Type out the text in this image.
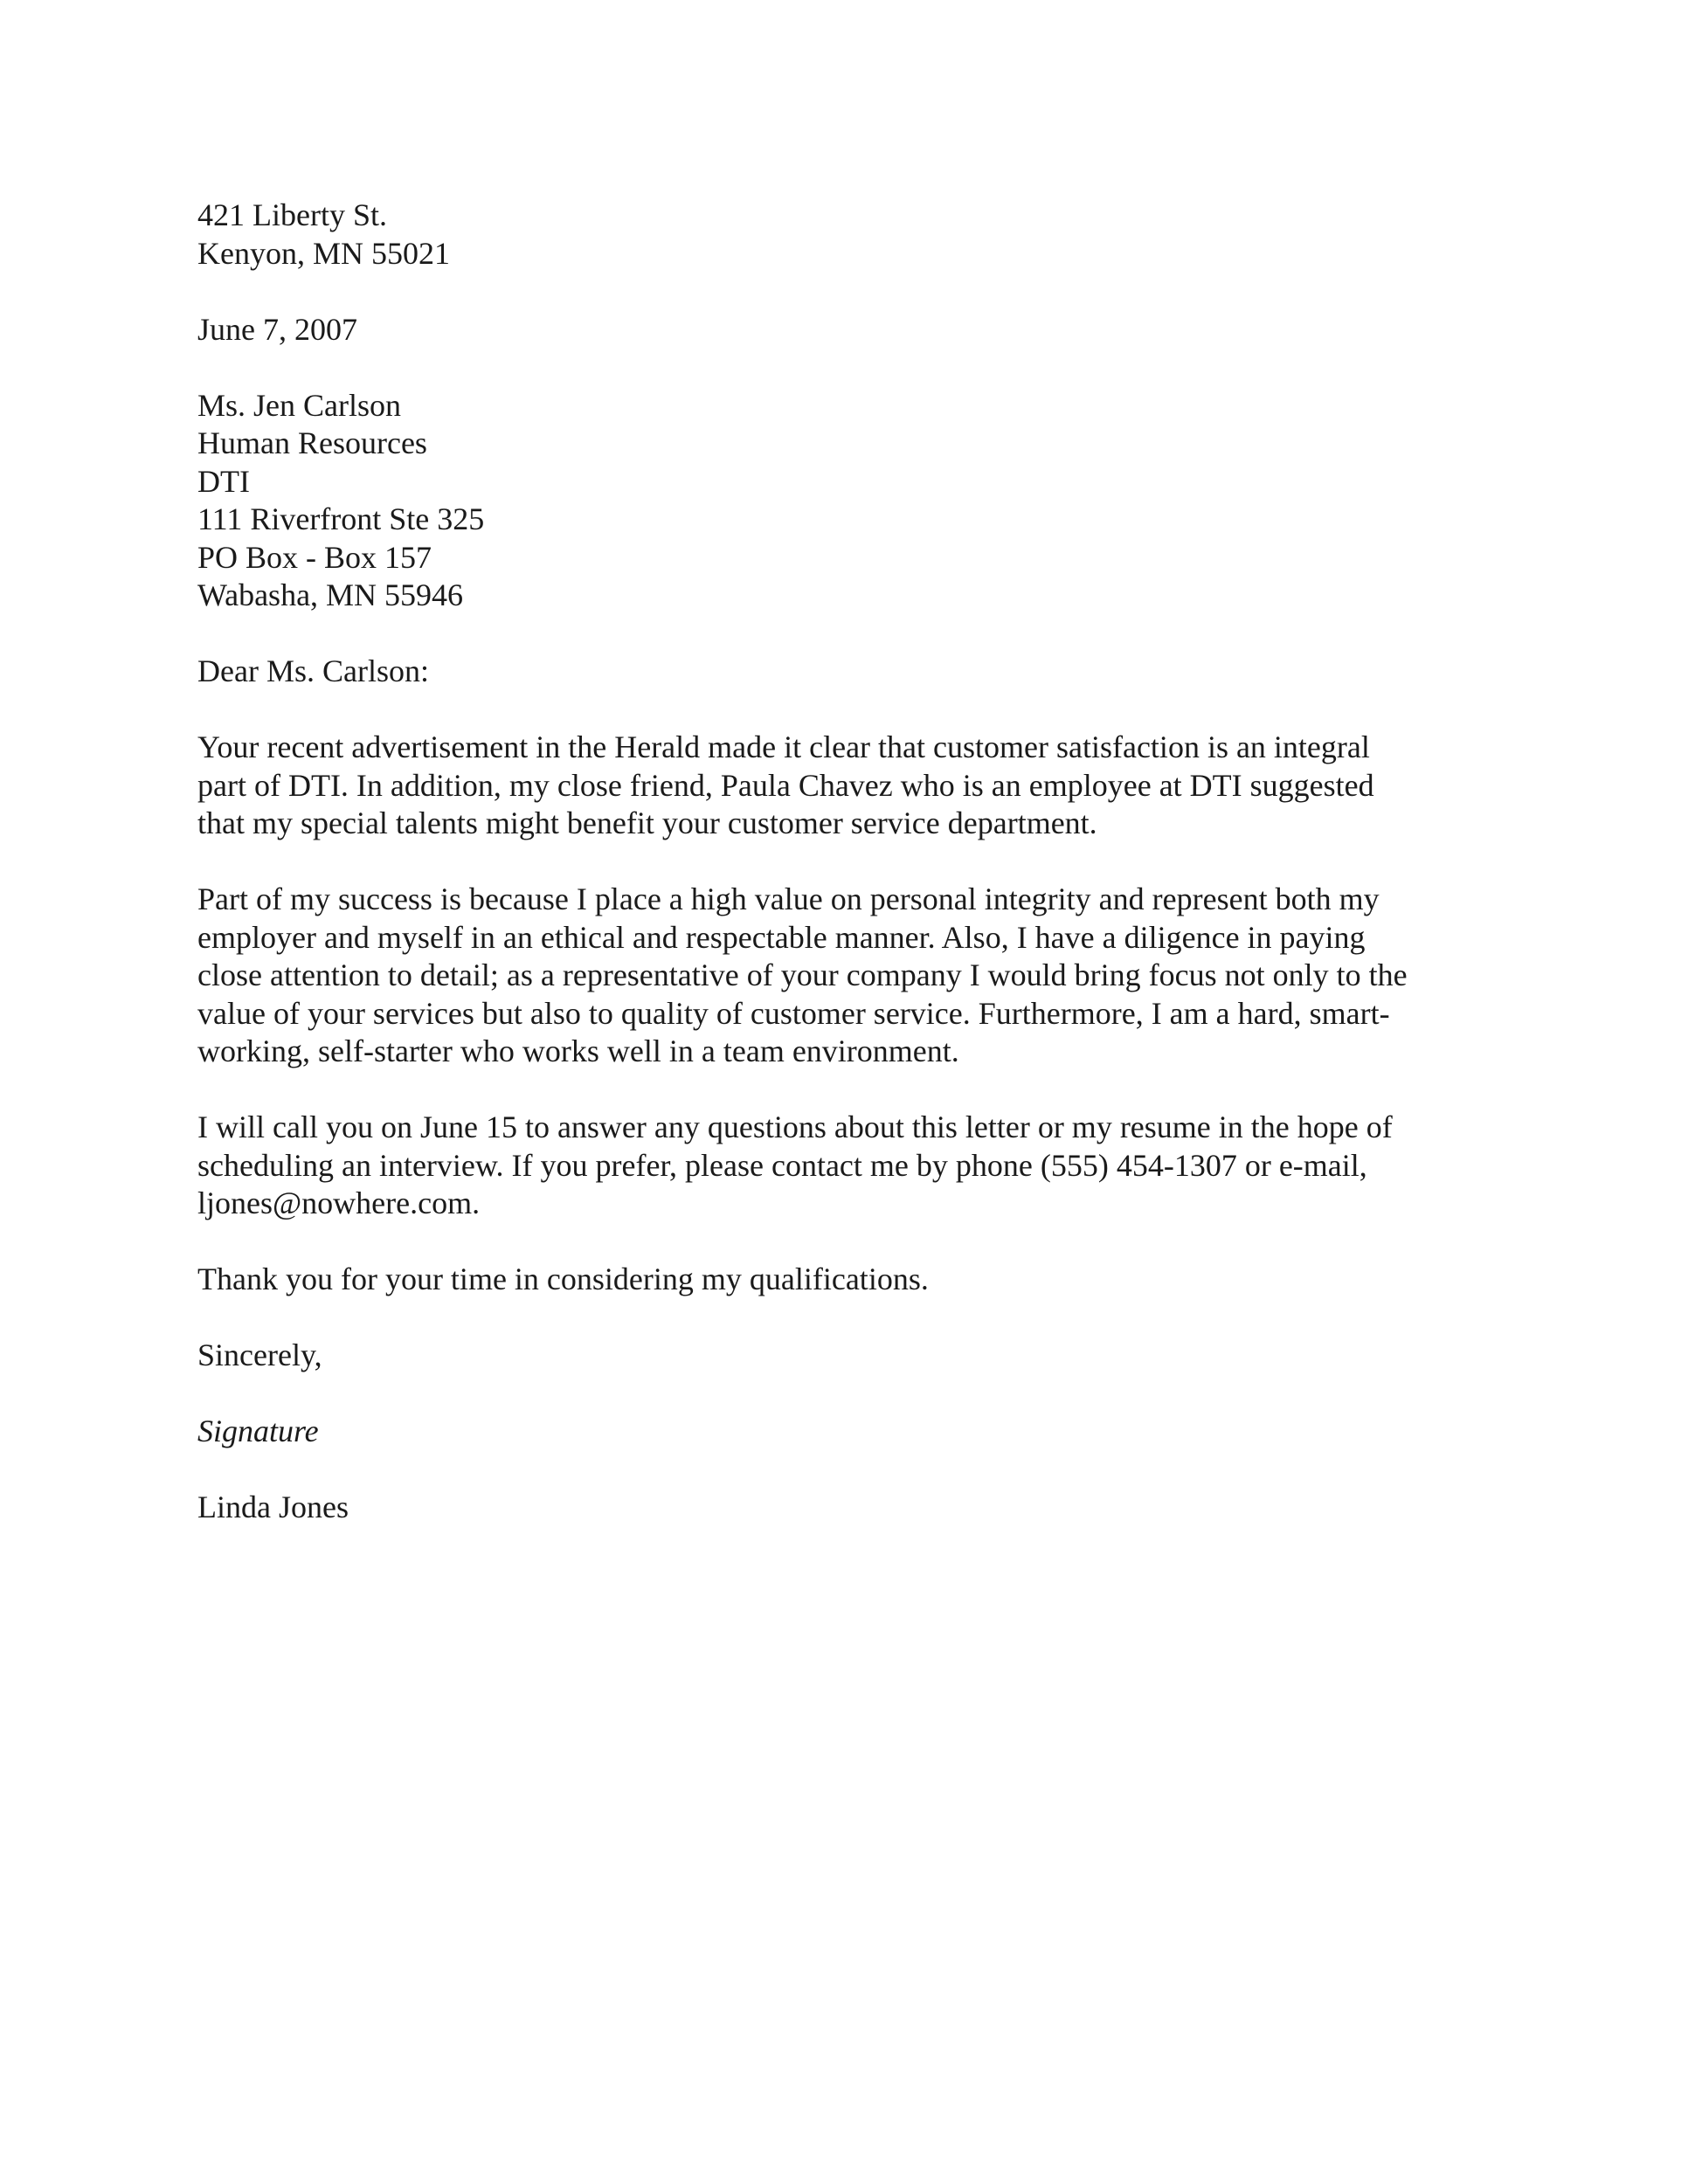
421 Liberty St.
Kenyon, MN 55021
June 7, 2007
Ms. Jen Carlson
Human Resources
DTI
111 Riverfront Ste 325
PO Box - Box 157
Wabasha, MN 55946
Dear Ms. Carlson:
Your recent advertisement in the Herald made it clear that customer satisfaction is an integral
part of DTI. In addition, my close friend, Paula Chavez who is an employee at DTI suggested
that my special talents might benefit your customer service department.
Part of my success is because I place a high value on personal integrity and represent both my
employer and myself in an ethical and respectable manner. Also, I have a diligence in paying
close attention to detail; as a representative of your company I would bring focus not only to the
value of your services but also to quality of customer service. Furthermore, I am a hard, smart-
working, self-starter who works well in a team environment.
I will call you on June 15 to answer any questions about this letter or my resume in the hope of
scheduling an interview. If you prefer, please contact me by phone (555) 454-1307 or e-mail,
ljones@nowhere.com.
Thank you for your time in considering my qualifications.
Sincerely,
Signature
Linda Jones
